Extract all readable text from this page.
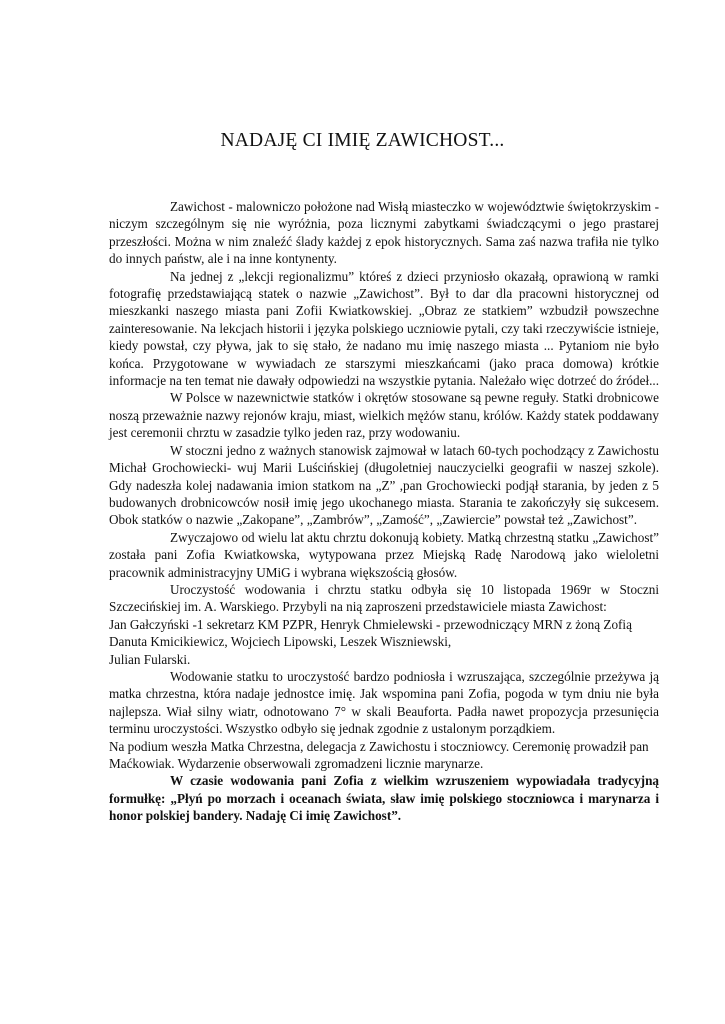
NADAJĘ CI IMIĘ ZAWICHOST...

Zawichost - malowniczo położone nad Wisłą miasteczko w województwie świętokrzyskim - niczym szczególnym się nie wyróżnia, poza licznymi zabytkami świadczącymi o jego prastarej przeszłości. Można w nim znaleźć ślady każdej z epok historycznych. Sama zaś nazwa trafiła nie tylko do innych państw, ale i na inne kontynenty.

Na jednej z „lekcji regionalizmu” któreś z dzieci przyniosło okazałą, oprawioną w ramki fotografię przedstawiającą statek o nazwie „Zawichost”. Był to dar dla pracowni historycznej od mieszkanki naszego miasta pani Zofii Kwiatkowskiej. „Obraz ze statkiem” wzbudził powszechne zainteresowanie. Na lekcjach historii i języka polskiego uczniowie pytali, czy taki rzeczywiście istnieje, kiedy powstał, czy pływa, jak to się stało, że nadano mu imię naszego miasta ... Pytaniom nie było końca. Przygotowane w wywiadach ze starszymi mieszkańcami (jako praca domowa) krótkie informacje na ten temat nie dawały odpowiedzi na wszystkie pytania. Należało więc dotrzeć do źródeł...

W Polsce w nazewnictwie statków i okrętów stosowane są pewne reguły. Statki drobnicowe noszą przeważnie nazwy rejonów kraju, miast, wielkich mężów stanu, królów. Każdy statek poddawany jest ceremonii chrztu w zasadzie tylko jeden raz, przy wodowaniu.

W stoczni jedno z ważnych stanowisk zajmował w latach 60-tych pochodzący z Zawichostu Michał Grochowiecki- wuj Marii Luścińskiej (długoletniej nauczycielki geografii w naszej szkole). Gdy nadeszła kolej nadawania imion statkom na „Z” ,pan Grochowiecki podjął starania, by jeden z 5 budowanych drobnicowców nosił imię jego ukochanego miasta. Starania te zakończyły się sukcesem. Obok statków o nazwie „Zakopane”, „Zambrów”, „Zamość”, „Zawiercie” powstał też „Zawichost”.

Zwyczajowo od wielu lat aktu chrztu dokonują kobiety. Matką chrzestną statku „Zawichost” została pani Zofia Kwiatkowska, wytypowana przez Miejską Radę Narodową jako wieloletni pracownik administracyjny UMiG i wybrana większością głosów.

Uroczystość wodowania i chrztu statku odbyła się 10 listopada 1969r w Stoczni Szczecińskiej im. A. Warskiego. Przybyli na nią zaproszeni przedstawiciele miasta Zawichost:

Jan Gałczyński -1 sekretarz KM PZPR, Henryk Chmielewski - przewodniczący MRN z żoną Zofią Danuta Kmicikiewicz, Wojciech Lipowski, Leszek Wiszniewski,

Julian Fularski.

Wodowanie statku to uroczystość bardzo podniosła i wzruszająca, szczególnie przeżywa ją matka chrzestna, która nadaje jednostce imię. Jak wspomina pani Zofia, pogoda w tym dniu nie była najlepsza. Wiał silny wiatr, odnotowano 7° w skali Beauforta. Padła nawet propozycja przesunięcia terminu uroczystości. Wszystko odbyło się jednak zgodnie z ustalonym porządkiem.

Na podium weszła Matka Chrzestna, delegacja z Zawichostu i stoczniowcy. Ceremonię prowadził pan Maćkowiak. Wydarzenie obserwowali zgromadzeni licznie marynarze.

W czasie wodowania pani Zofia z wielkim wzruszeniem wypowiadała tradycyjną formułkę: „Płyń po morzach i oceanach świata, sław imię polskiego stoczniowca i marynarza i honor polskiej bandery. Nadaję Ci imię Zawichost”.
